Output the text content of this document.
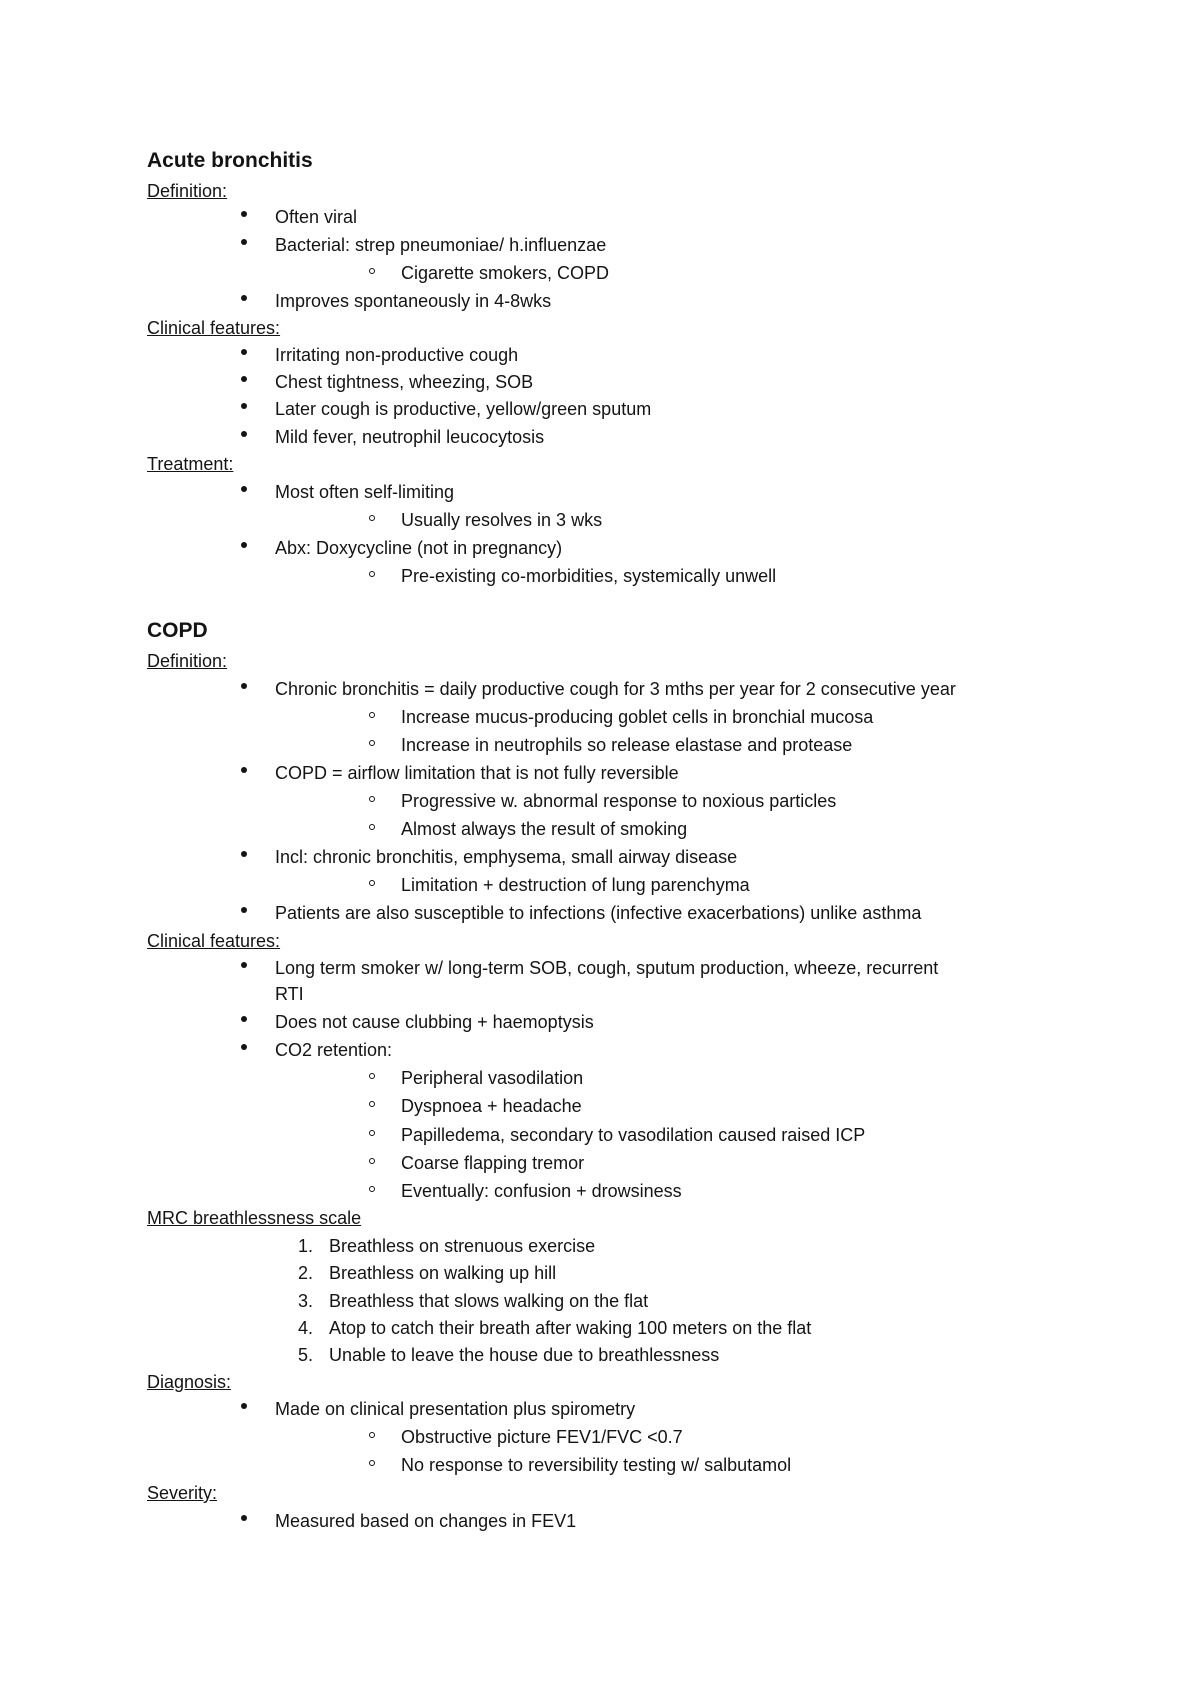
Acute bronchitis
Definition:
Often viral
Bacterial: strep pneumoniae/ h.influenzae
Cigarette smokers, COPD
Improves spontaneously in 4-8wks
Clinical features:
Irritating non-productive cough
Chest tightness, wheezing, SOB
Later cough is productive, yellow/green sputum
Mild fever, neutrophil leucocytosis
Treatment:
Most often self-limiting
Usually resolves in 3 wks
Abx: Doxycycline (not in pregnancy)
Pre-existing co-morbidities, systemically unwell
COPD
Definition:
Chronic bronchitis = daily productive cough for 3 mths per year for 2 consecutive year
Increase mucus-producing goblet cells in bronchial mucosa
Increase in neutrophils so release elastase and protease
COPD = airflow limitation that is not fully reversible
Progressive w. abnormal response to noxious particles
Almost always the result of smoking
Incl: chronic bronchitis, emphysema, small airway disease
Limitation + destruction of lung parenchyma
Patients are also susceptible to infections (infective exacerbations) unlike asthma
Clinical features:
Long term smoker w/ long-term SOB, cough, sputum production, wheeze, recurrent
RTI
Does not cause clubbing + haemoptysis
CO2 retention:
Peripheral vasodilation
Dyspnoea + headache
Papilledema, secondary to vasodilation caused raised ICP
Coarse flapping tremor
Eventually: confusion + drowsiness
MRC breathlessness scale
1. Breathless on strenuous exercise
2. Breathless on walking up hill
3. Breathless that slows walking on the flat
4. Atop to catch their breath after waking 100 meters on the flat
5. Unable to leave the house due to breathlessness
Diagnosis:
Made on clinical presentation plus spirometry
Obstructive picture FEV1/FVC <0.7
No response to reversibility testing w/ salbutamol
Severity:
Measured based on changes in FEV1
